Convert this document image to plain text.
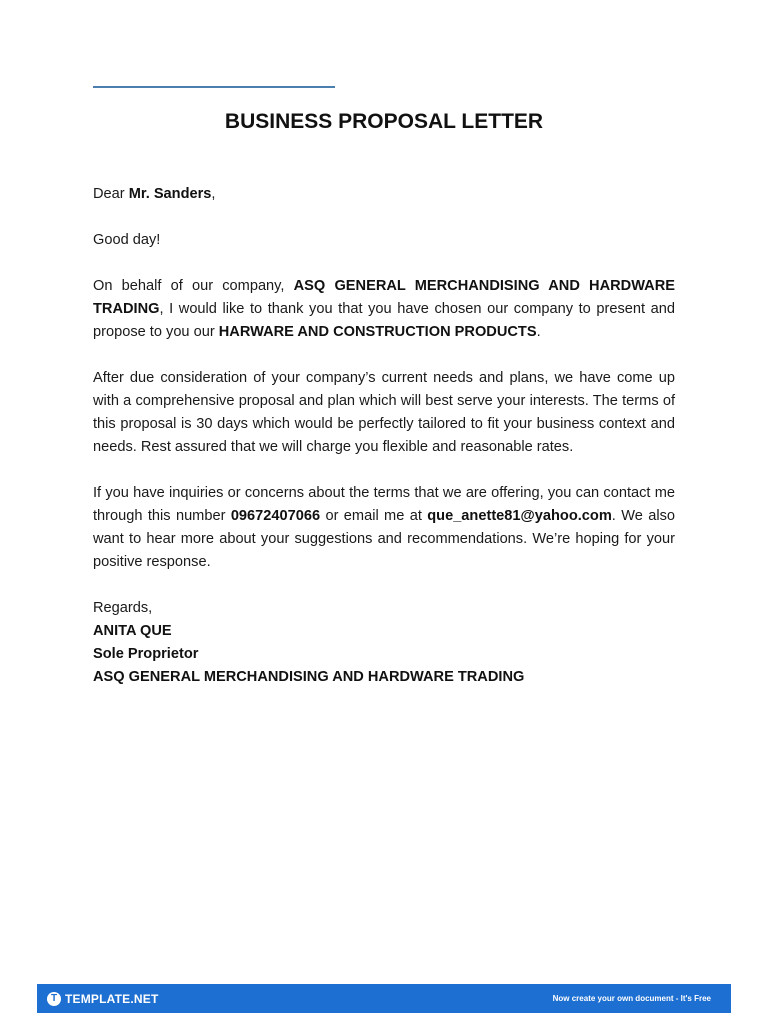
BUSINESS PROPOSAL LETTER

Dear Mr. Sanders,

Good day!

On behalf of our company, ASQ GENERAL MERCHANDISING AND HARDWARE TRADING, I would like to thank you that you have chosen our company to present and propose to you our HARWARE AND CONSTRUCTION PRODUCTS.

After due consideration of your company’s current needs and plans, we have come up with a comprehensive proposal and plan which will best serve your interests. The terms of this proposal is 30 days which would be perfectly tailored to fit your business context and needs. Rest assured that we will charge you flexible and reasonable rates.

If you have inquiries or concerns about the terms that we are offering, you can contact me through this number 09672407066 or email me at que_anette81@yahoo.com. We also want to hear more about your suggestions and recommendations. We’re hoping for your positive response.

Regards,

ANITA QUE

Sole Proprietor

ASQ GENERAL MERCHANDISING AND HARDWARE TRADING

T TEMPLATE.NET	Now create your own document - It's Free
